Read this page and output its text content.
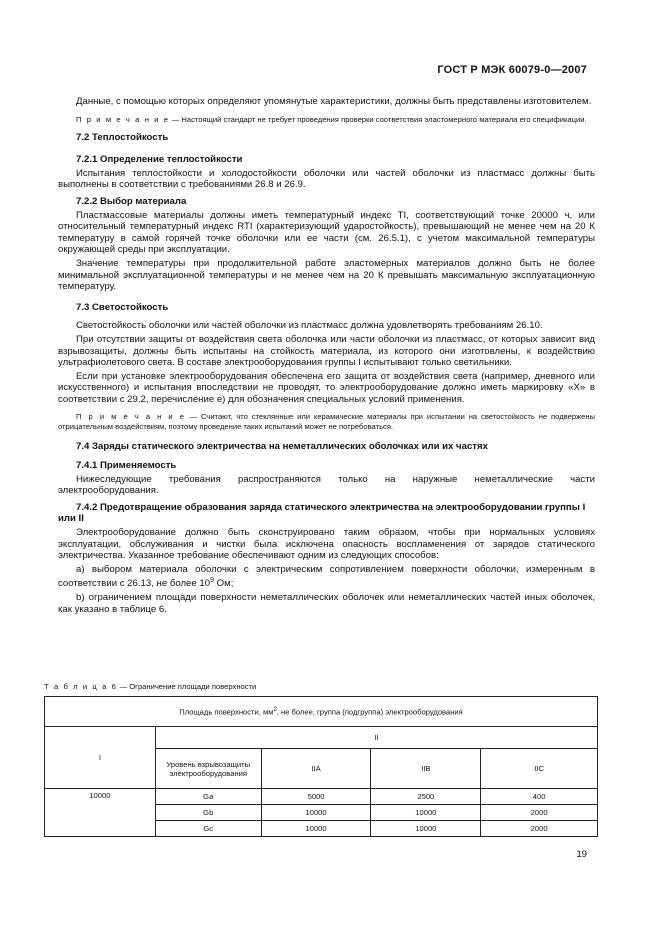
ГОСТ Р МЭК 60079-0—2007
Данные, с помощью которых определяют упомянутые характеристики, должны быть представлены изготовителем.
П р и м е ч а н и е — Настоящий стандарт не требует проведения проверки соответствия эластомерного материала его спецификации.
7.2 Теплостойкость
7.2.1 Определение теплостойкости
Испытания теплостойкости и холодостойкости оболочки или частей оболочки из пластмасс должны быть выполнены в соответствии с требованиями 26.8 и 26.9.
7.2.2 Выбор материала
Пластмассовые материалы должны иметь температурный индекс TI, соответствующий точке 20000 ч, или относительный температурный индекс RTI (характеризующий ударостойкость), превышающий не менее чем на 20 К температуру в самой горячей точке оболочки или ее части (см. 26.5.1), с учетом максимальной температуры окружающей среды при эксплуатации.
Значение температуры при продолжительной работе эластомерных материалов должно быть не более минимальной эксплуатационной температуры и не менее чем на 20 К превышать максимальную эксплуатационную температуру.
7.3 Светостойкость
Светостойкость оболочки или частей оболочки из пластмасс должна удовлетворять требованиям 26.10.
При отсутствии защиты от воздействия света оболочка или части оболочки из пластмасс, от которых зависит вид взрывозащиты, должны быть испытаны на стойкость материала, из которого они изготовлены, к воздействию ультрафиолетового света. В составе электрооборудования группы I испытывают только светильники.
Если при установке электрооборудования обеспечена его защита от воздействия света (например, дневного или искусственного) и испытания впоследствии не проводят, то электрооборудование должно иметь маркировку «X» в соответствии с 29.2, перечисление е) для обозначения специальных условий применения.
П р и м е ч а н и е — Считают, что стеклянные или керамические материалы при испытании на светостойкость не подвержены отрицательным воздействиям, поэтому проведение таких испытаний может не потребоваться.
7.4 Заряды статического электричества на неметаллических оболочках или их частях
7.4.1 Применяемость
Нижеследующие требования распространяются только на наружные неметаллические части электрооборудования.
7.4.2 Предотвращение образования заряда статического электричества на электрооборудовании группы I или II
Электрооборудование должно быть сконструировано таким образом, чтобы при нормальных условиях эксплуатации, обслуживания и чистки была исключена опасность воспламенения от зарядов статического электричества. Указанное требование обеспечивают одним из следующих способов:
a) выбором материала оболочки с электрическим сопротивлением поверхности оболочки, измеренным в соответствии с 26.13, не более $10^9$ Ом;
b) ограничением площади поверхности неметаллических оболочек или неметаллических частей иных оболочек, как указано в таблице 6.
Т а б л и ц а 6 — Ограничение площади поверхности
Площадь поверхности, $мм^2$, не более, группа (подгруппа) электрооборудования				
I	II			
	Уровень взрывозащиты электрооборудования	IIA	IIB	IIC
10000	Ga	5000	2500	400
	Gb	10000	10000	2000
	Gc	10000	10000	2000
19
